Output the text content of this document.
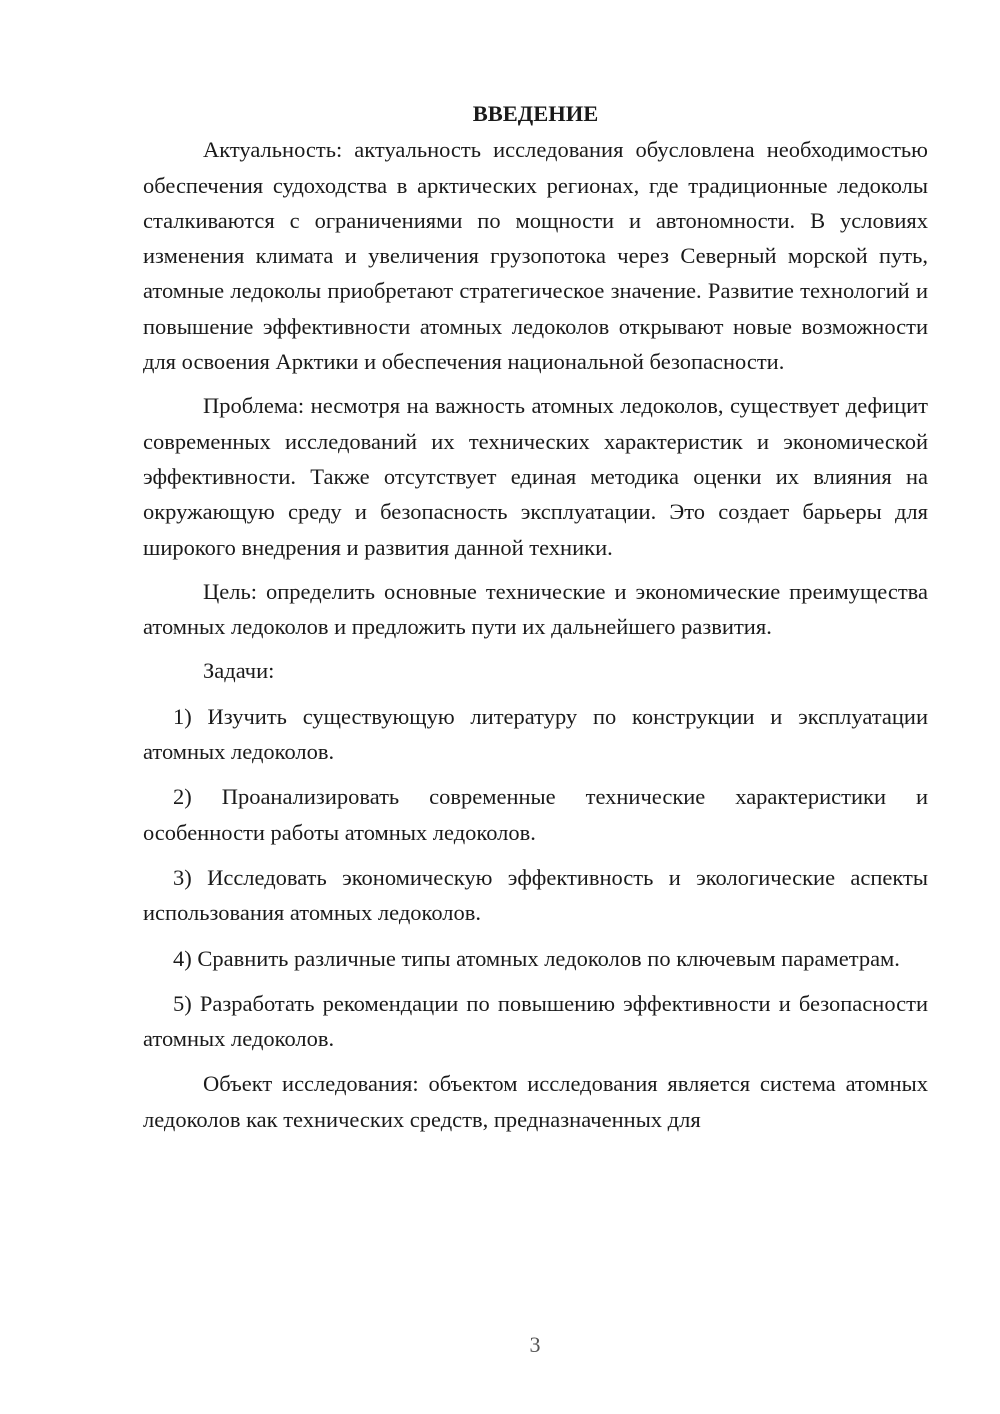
ВВЕДЕНИЕ

Актуальность: актуальность исследования обусловлена необходимостью обеспечения судоходства в арктических регионах, где традиционные ледоколы сталкиваются с ограничениями по мощности и автономности. В условиях изменения климата и увеличения грузопотока через Северный морской путь, атомные ледоколы приобретают стратегическое значение. Развитие технологий и повышение эффективности атомных ледоколов открывают новые возможности для освоения Арктики и обеспечения национальной безопасности.

Проблема: несмотря на важность атомных ледоколов, существует дефицит современных исследований их технических характеристик и экономической эффективности. Также отсутствует единая методика оценки их влияния на окружающую среду и безопасность эксплуатации. Это создает барьеры для широкого внедрения и развития данной техники.

Цель: определить основные технические и экономические преимущества атомных ледоколов и предложить пути их дальнейшего развития.

Задачи:

1) Изучить существующую литературу по конструкции и эксплуатации атомных ледоколов.

2) Проанализировать современные технические характеристики и особенности работы атомных ледоколов.

3) Исследовать экономическую эффективность и экологические аспекты использования атомных ледоколов.

4) Сравнить различные типы атомных ледоколов по ключевым параметрам.

5) Разработать рекомендации по повышению эффективности и безопасности атомных ледоколов.

Объект исследования: объектом исследования является система атомных ледоколов как технических средств, предназначенных для

3
